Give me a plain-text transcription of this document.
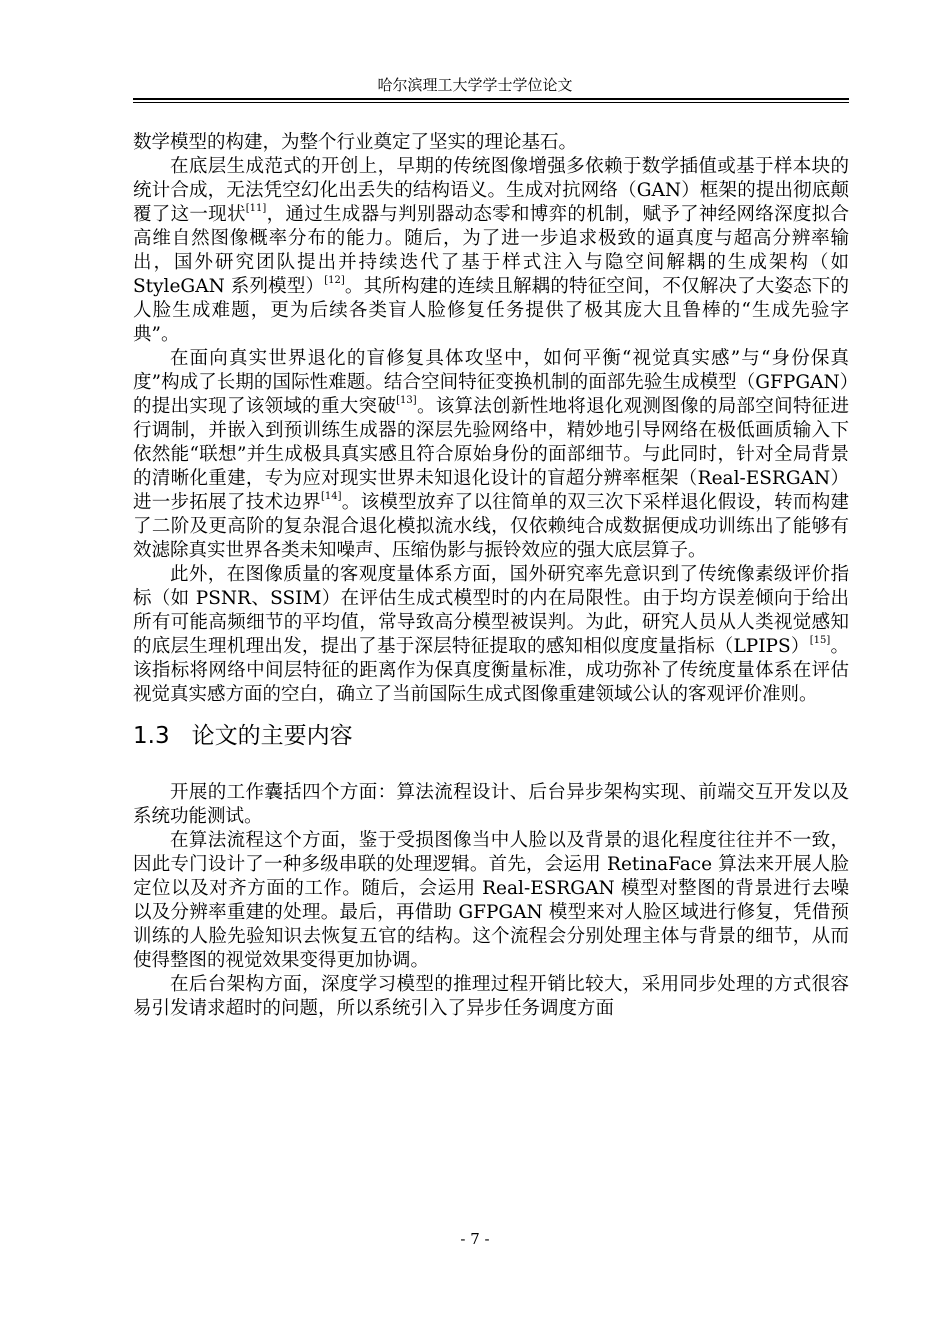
哈尔滨理工大学学士学位论文

数学模型的构建，为整个行业奠定了坚实的理论基石。

在底层生成范式的开创上，早期的传统图像增强多依赖于数学插值或基于样本块的统计合成，无法凭空幻化出丢失的结构语义。生成对抗网络（GAN）框架的提出彻底颠覆了这一现状[11]，通过生成器与判别器动态零和博弈的机制，赋予了神经网络深度拟合高维自然图像概率分布的能力。随后，为了进一步追求极致的逼真度与超高分辨率输出，国外研究团队提出并持续迭代了基于样式注入与隐空间解耦的生成架构（如 StyleGAN 系列模型）[12]。其所构建的连续且解耦的特征空间，不仅解决了大姿态下的人脸生成难题，更为后续各类盲人脸修复任务提供了极其庞大且鲁棒的“生成先验字典”。

在面向真实世界退化的盲修复具体攻坚中，如何平衡“视觉真实感”与“身份保真度”构成了长期的国际性难题。结合空间特征变换机制的面部先验生成模型（GFPGAN）的提出实现了该领域的重大突破[13]。该算法创新性地将退化观测图像的局部空间特征进行调制，并嵌入到预训练生成器的深层先验网络中，精妙地引导网络在极低画质输入下依然能“联想”并生成极具真实感且符合原始身份的面部细节。与此同时，针对全局背景的清晰化重建，专为应对现实世界未知退化设计的盲超分辨率框架（Real-ESRGAN）进一步拓展了技术边界[14]。该模型放弃了以往简单的双三次下采样退化假设，转而构建了二阶及更高阶的复杂混合退化模拟流水线，仅依赖纯合成数据便成功训练出了能够有效滤除真实世界各类未知噪声、压缩伪影与振铃效应的强大底层算子。

此外，在图像质量的客观度量体系方面，国外研究率先意识到了传统像素级评价指标（如 PSNR、SSIM）在评估生成式模型时的内在局限性。由于均方误差倾向于给出所有可能高频细节的平均值，常导致高分模型被误判。为此，研究人员从人类视觉感知的底层生理机理出发，提出了基于深层特征提取的感知相似度度量指标（LPIPS）[15]。该指标将网络中间层特征的距离作为保真度衡量标准，成功弥补了传统度量体系在评估视觉真实感方面的空白，确立了当前国际生成式图像重建领域公认的客观评价准则。

1.3 论文的主要内容

开展的工作囊括四个方面：算法流程设计、后台异步架构实现、前端交互开发以及系统功能测试。

在算法流程这个方面，鉴于受损图像当中人脸以及背景的退化程度往往并不一致，因此专门设计了一种多级串联的处理逻辑。首先，会运用 RetinaFace 算法来开展人脸定位以及对齐方面的工作。随后，会运用 Real-ESRGAN 模型对整图的背景进行去噪以及分辨率重建的处理。最后，再借助 GFPGAN 模型来对人脸区域进行修复，凭借预训练的人脸先验知识去恢复五官的结构。这个流程会分别处理主体与背景的细节，从而使得整图的视觉效果变得更加协调。

在后台架构方面，深度学习模型的推理过程开销比较大，采用同步处理的方式很容易引发请求超时的问题，所以系统引入了异步任务调度方面

- 7 -
